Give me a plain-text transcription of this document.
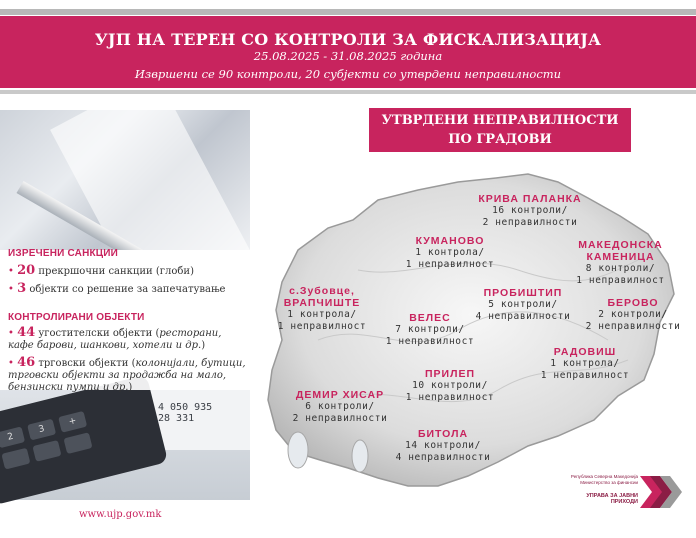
УЈП НА ТЕРЕН СО КОНТРОЛИ ЗА ФИСКАЛИЗАЦИЈА
25.08.2025 - 31.08.2025 година
Извршени се 90 контроли, 20 субјекти со утврдени неправилности
4 050 935
28 331
2
3
+
ИЗРЕЧЕНИ САНКЦИИ
• 20 прекршочни санкции (глоби)
• 3 објекти со решение за запечатување
КОНТРОЛИРАНИ ОБЈЕКТИ
• 44 угостителски објекти (ресторани, кафе барови, шанкови, хотели и др.)
• 46 трговски објекти (колонијали, бутици, трговски објекти за продажба на мало, бензински пумпи и др.)
www.ujp.gov.mk
УТВРДЕНИ НЕПРАВИЛНОСТИ
ПО ГРАДОВИ
КРИВА ПАЛАНКА
16 контроли/
2 неправилности
КУМАНОВО
1 контрола/
1 неправилност
МАКЕДОНСКА
КАМЕНИЦА
8 контроли/
1 неправилност
с.Зубовце,
ВРАПЧИШТЕ
1 контрола/
1 неправилност
ПРОБИШТИП
5 контроли/
4 неправилности
БЕРОВО
2 контроли/
2 неправилности
ВЕЛЕС
7 контроли/
1 неправилност
РАДОВИШ
1 контрола/
1 неправилност
ПРИЛЕП
10 контроли/
1 неправилност
ДЕМИР ХИСАР
6 контроли/
2 неправилности
БИТОЛА
14 контроли/
4 неправилности
Република Северна Македонија
Министерство за финансии
УПРАВА ЗА ЈАВНИ ПРИХОДИ
